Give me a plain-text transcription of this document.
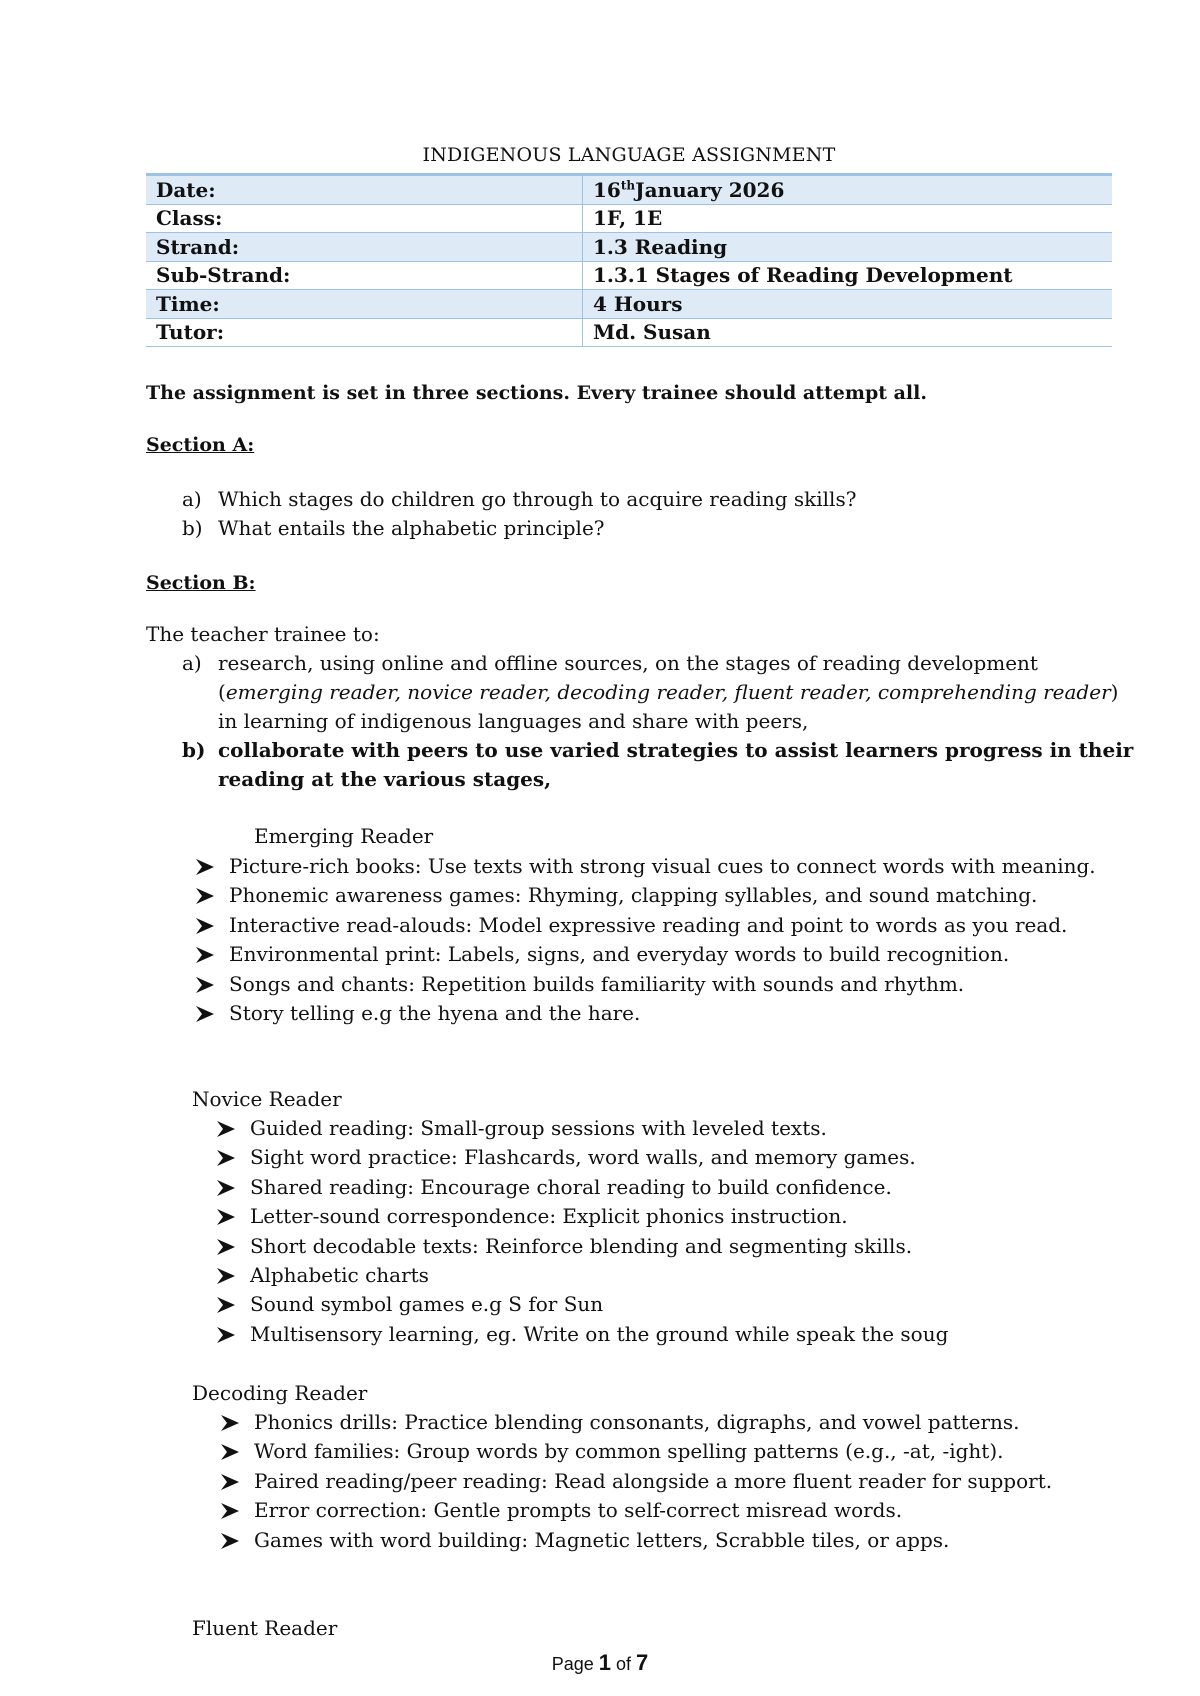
INDIGENOUS LANGUAGE ASSIGNMENT
Date:	16thJanuary 2026
Class:	1F, 1E
Strand:	1.3 Reading
Sub-Strand:	1.3.1 Stages of Reading Development
Time:	4 Hours
Tutor:	Md. Susan
The assignment is set in three sections. Every trainee should attempt all.
Section A:
a) Which stages do children go through to acquire reading skills?
b) What entails the alphabetic principle?
Section B:
The teacher trainee to:
a) research, using online and offline sources, on the stages of reading development (emerging reader, novice reader, decoding reader, fluent reader, comprehending reader) in learning of indigenous languages and share with peers,
b) collaborate with peers to use varied strategies to assist learners progress in their reading at the various stages,
Emerging Reader
Picture-rich books: Use texts with strong visual cues to connect words with meaning.
Phonemic awareness games: Rhyming, clapping syllables, and sound matching.
Interactive read-alouds: Model expressive reading and point to words as you read.
Environmental print: Labels, signs, and everyday words to build recognition.
Songs and chants: Repetition builds familiarity with sounds and rhythm.
Story telling e.g the hyena and the hare.
Novice Reader
Guided reading: Small-group sessions with leveled texts.
Sight word practice: Flashcards, word walls, and memory games.
Shared reading: Encourage choral reading to build confidence.
Letter-sound correspondence: Explicit phonics instruction.
Short decodable texts: Reinforce blending and segmenting skills.
Alphabetic charts
Sound symbol games e.g S for Sun
Multisensory learning, eg. Write on the ground while speak the soug
Decoding Reader
Phonics drills: Practice blending consonants, digraphs, and vowel patterns.
Word families: Group words by common spelling patterns (e.g., -at, -ight).
Paired reading/peer reading: Read alongside a more fluent reader for support.
Error correction: Gentle prompts to self-correct misread words.
Games with word building: Magnetic letters, Scrabble tiles, or apps.
Fluent Reader
Page 1 of 7
